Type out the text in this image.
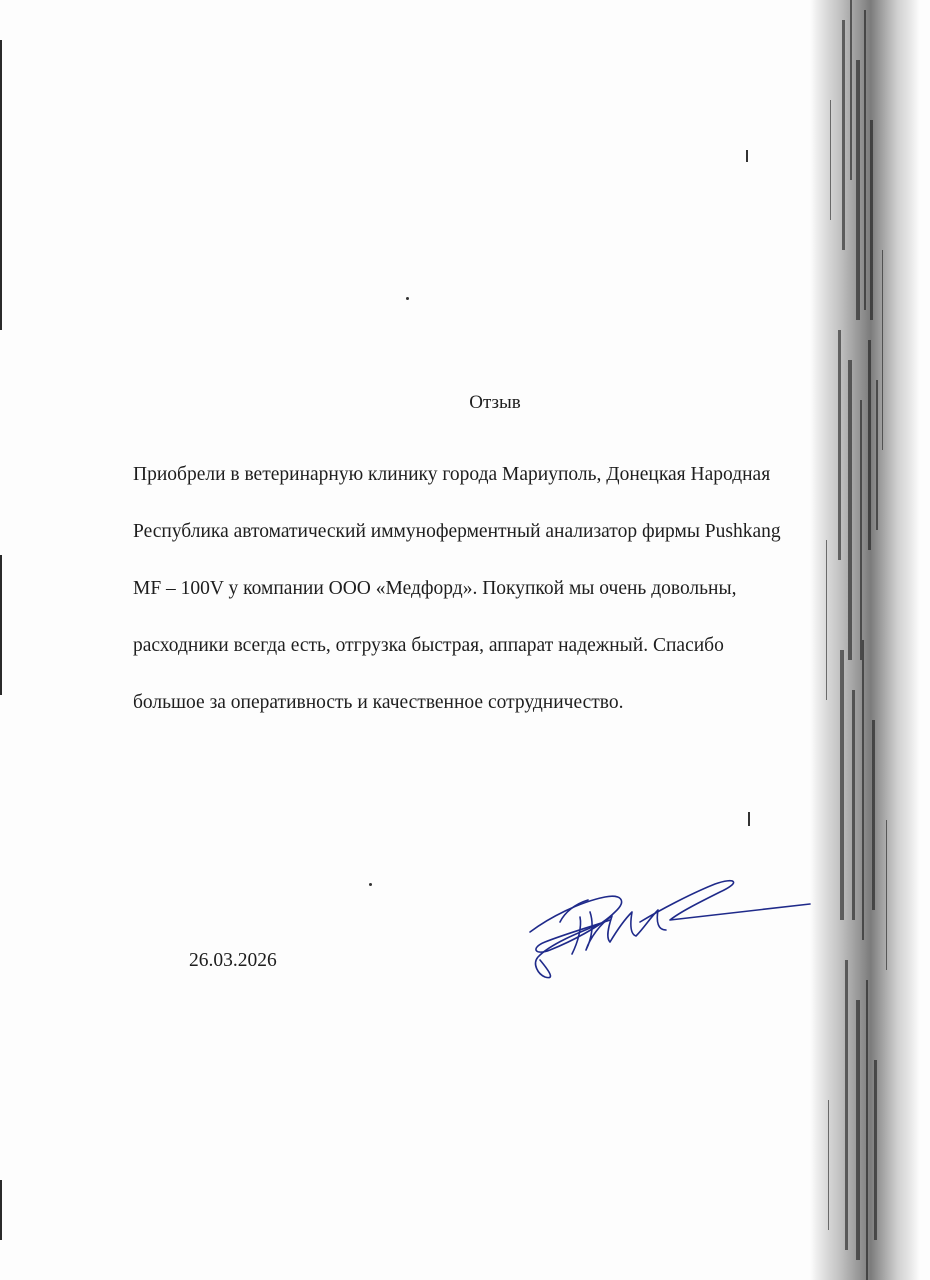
Отзыв

Приобрели в ветеринарную клинику города Мариуполь, Донецкая Народная

Республика автоматический иммуноферментный анализатор фирмы Pushkang

MF – 100V у компании ООО «Медфорд». Покупкой мы очень довольны,

расходники всегда есть, отгрузка быстрая, аппарат надежный. Спасибо

большое за оперативность и качественное сотрудничество.

26.03.2026
